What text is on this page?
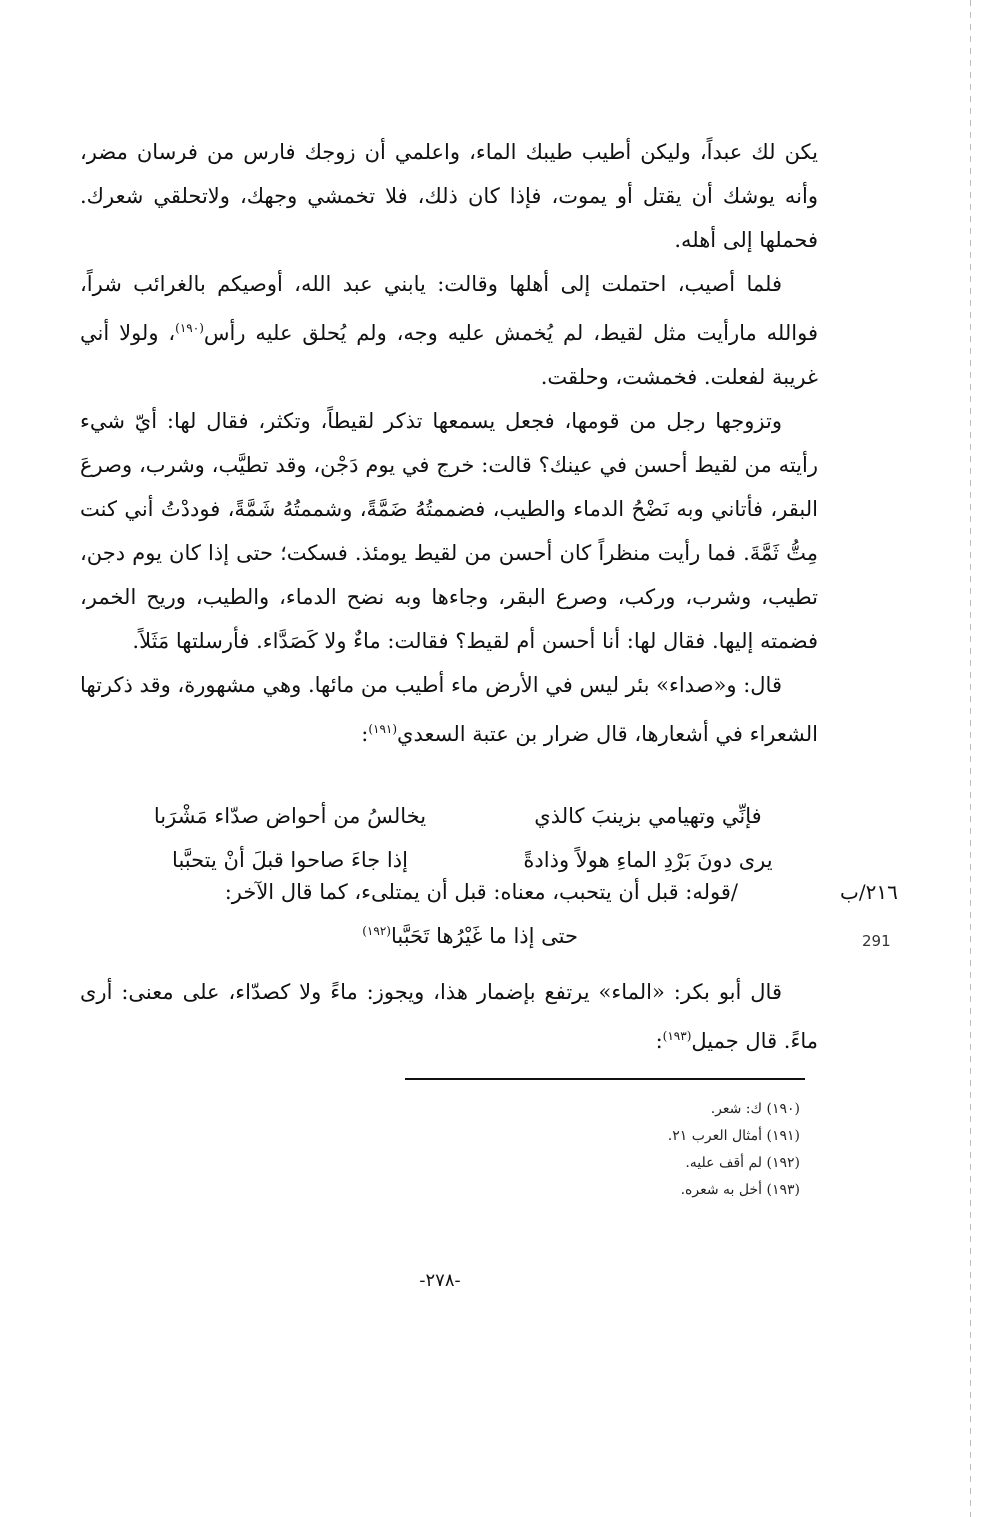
يكن لك عبداً، وليكن أطيب طيبك الماء، واعلمي أن زوجك فارس من فرسان مضر، وأنه يوشك أن يقتل أو يموت، فإذا كان ذلك، فلا تخمشي وجهك، ولاتحلقي شعرك. فحملها إلى أهله.

فلما أصيب، احتملت إلى أهلها وقالت: يابني عبد الله، أوصيكم بالغرائب شراً، فوالله مارأيت مثل لقيط، لم يُخمش عليه وجه، ولم يُحلق عليه رأس$^{(١٩٠)}$، ولولا أني غريبة لفعلت. فخمشت، وحلقت.

وتزوجها رجل من قومها، فجعل يسمعها تذكر لقيطاً، وتكثر، فقال لها: أيّ شيء رأيته من لقيط أحسن في عينك؟ قالت: خرج في يوم دَجْن، وقد تطيَّب، وشرب، وصرعَ البقر، فأتاني وبه نَضْحُ الدماء والطيب، فضممتُهُ ضَمَّةً، وشممتُهُ شَمَّةً، فوددْتُ أني كنت مِتُّ ثَمَّةَ. فما رأيت منظراً كان أحسن من لقيط يومئذ. فسكت؛ حتى إذا كان يوم دجن، تطيب، وشرب، وركب، وصرع البقر، وجاءها وبه نضح الدماء، والطيب، وريح الخمر، فضمته إليها. فقال لها: أنا أحسن أم لقيط؟ فقالت: ماءٌ ولا كَصَدَّاء. فأرسلتها مَثَلاً.

قال: و«صداء» بئر ليس في الأرض ماء أطيب من مائها. وهي مشهورة، وقد ذكرتها الشعراء في أشعارها، قال ضرار بن عتبة السعدي$^{(١٩١)}$:

فإنِّي وتهيامي بزينبَ كالذي
يخالسُ من أحواض صدّاء مَشْرَبا
يرى دونَ بَرْدِ الماءِ هولاً وذادةً
إذا جاءَ صاحوا قبلَ أنْ يتحبَّبا
/قوله: قبل أن يتحبب، معناه: قبل أن يمتلىء، كما قال الآخر:
حتى إذا ما غَيْرُها تَحَبَّبا$^{(١٩٢)}$

قال أبو بكر: «الماء» يرتفع بإضمار هذا، ويجوز: ماءً ولا كصدّاء، على معنى: أرى ماءً. قال جميل$^{(١٩٣)}$:

٢١٦/ب
291
(١٩٠) ك: شعر.
(١٩١) أمثال العرب ٢١.
(١٩٢) لم أقف عليه.
(١٩٣) أخل به شعره.
-٢٧٨-
